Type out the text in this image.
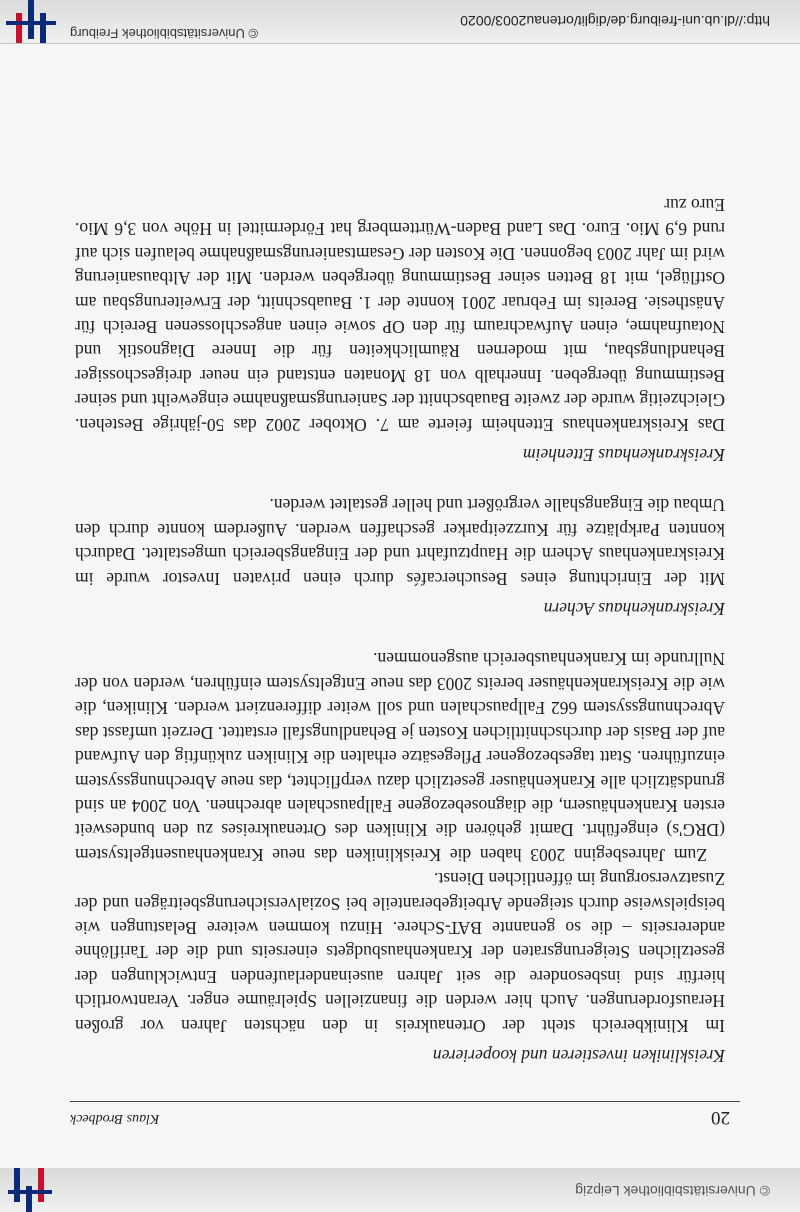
© Universitätsbibliothek Leipzig
20
Klaus Brodbeck
Kreiskliniken investieren und kooperieren

Im Klinikbereich steht der Ortenaukreis in den nächsten Jahren vor großen Herausforderungen. Auch hier werden die finanziellen Spielräume enger. Verantwortlich hierfür sind insbesondere die seit Jahren auseinanderlaufenden Entwicklungen der gesetzlichen Steigerungsraten der Krankenhausbudgets einerseits und die der Tariflöhne andererseits – die so genannte BAT-Schere. Hinzu kommen weitere Belastungen wie beispielsweise durch steigende Arbeitgeberanteile bei Sozialversicherungsbeiträgen und der Zusatzversorgung im öffentlichen Dienst.

Zum Jahresbeginn 2003 haben die Kreiskliniken das neue Krankenhausentgeltsystem (DRG's) eingeführt. Damit gehören die Kliniken des Ortenaukreises zu den bundesweit ersten Krankenhäusern, die diagnosebezogene Fallpauschalen abrechnen. Von 2004 an sind grundsätzlich alle Krankenhäuser gesetzlich dazu verpflichtet, das neue Abrechnungssystem einzuführen. Statt tagesbezogener Pflegesätze erhalten die Kliniken zukünftig den Aufwand auf der Basis der durchschnittlichen Kosten je Behandlungsfall erstattet. Derzeit umfasst das Abrechnungssystem 662 Fallpauschalen und soll weiter differenziert werden. Kliniken, die wie die Kreiskrankenhäuser bereits 2003 das neue Entgeltsystem einführen, werden von der Nullrunde im Krankenhausbereich ausgenommen.

Kreiskrankenhaus Achern

Mit der Einrichtung eines Besuchercafés durch einen privaten Investor wurde im Kreiskrankenhaus Achern die Hauptzufahrt und der Eingangsbereich umgestaltet. Dadurch konnten Parkplätze für Kurzzeitparker geschaffen werden. Außerdem konnte durch den Umbau die Eingangshalle vergrößert und heller gestaltet werden.

Kreiskrankenhaus Ettenheim

Das Kreiskrankenhaus Ettenheim feierte am 7. Oktober 2002 das 50-jährige Bestehen. Gleichzeitig wurde der zweite Bauabschnitt der Sanierungsmaßnahme eingeweiht und seiner Bestimmung übergeben. Innerhalb von 18 Monaten entstand ein neuer dreigeschossiger Behandlungsbau, mit modernen Räumlichkeiten für die Innere Diagnostik und Notaufnahme, einen Aufwachraum für den OP sowie einen angeschlossenen Bereich für Anästhesie. Bereits im Februar 2001 konnte der 1. Bauabschnitt, der Erweiterungsbau am Ostflügel, mit 18 Betten seiner Bestimmung übergeben werden. Mit der Altbausanierung wird im Jahr 2003 begonnen. Die Kosten der Gesamtsanierungsmaßnahme belaufen sich auf rund 6,9 Mio. Euro. Das Land Baden-Württemberg hat Fördermittel in Höhe von 3,6 Mio. Euro zur

http://dl.ub.uni-freiburg.de/diglit/ortenau2003/0020
© Universitätsbibliothek Freiburg
